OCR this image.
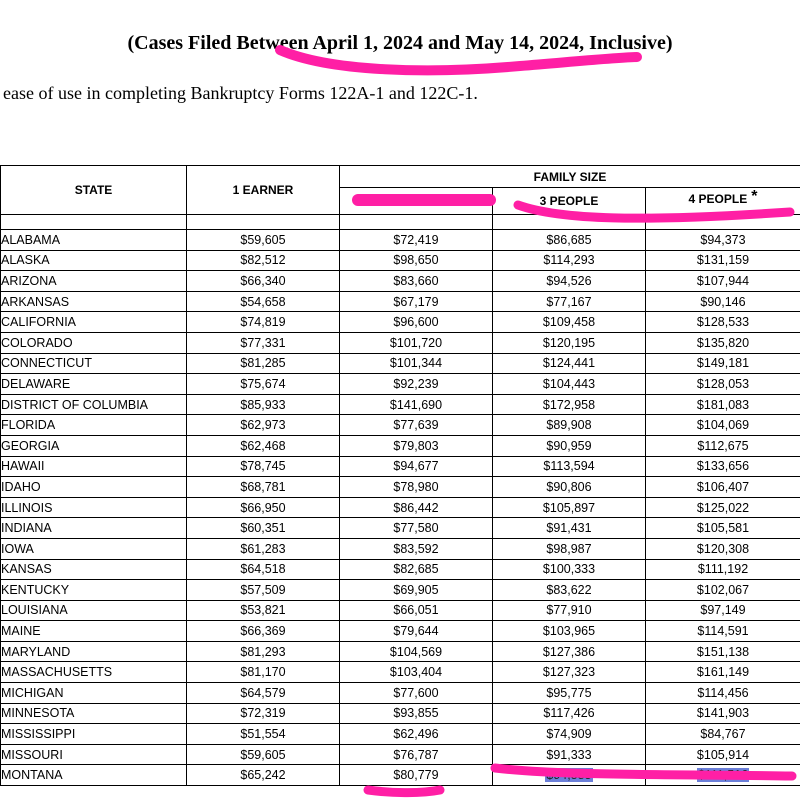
(Cases Filed Between April 1, 2024 and May 14, 2024, Inclusive)
ease of use in completing Bankruptcy Forms 122A-1 and 122C-1.
STATE	1 EARNER	FAMILY SIZE		
		2 PEOPLE	3 PEOPLE	4 PEOPLE *

ALABAMA	$59,605	$72,419	$86,685	$94,373
ALASKA	$82,512	$98,650	$114,293	$131,159
ARIZONA	$66,340	$83,660	$94,526	$107,944
ARKANSAS	$54,658	$67,179	$77,167	$90,146
CALIFORNIA	$74,819	$96,600	$109,458	$128,533
COLORADO	$77,331	$101,720	$120,195	$135,820
CONNECTICUT	$81,285	$101,344	$124,441	$149,181
DELAWARE	$75,674	$92,239	$104,443	$128,053
DISTRICT OF COLUMBIA	$85,933	$141,690	$172,958	$181,083
FLORIDA	$62,973	$77,639	$89,908	$104,069
GEORGIA	$62,468	$79,803	$90,959	$112,675
HAWAII	$78,745	$94,677	$113,594	$133,656
IDAHO	$68,781	$78,980	$90,806	$106,407
ILLINOIS	$66,950	$86,442	$105,897	$125,022
INDIANA	$60,351	$77,580	$91,431	$105,581
IOWA	$61,283	$83,592	$98,987	$120,308
KANSAS	$64,518	$82,685	$100,333	$111,192
KENTUCKY	$57,509	$69,905	$83,622	$102,067
LOUISIANA	$53,821	$66,051	$77,910	$97,149
MAINE	$66,369	$79,644	$103,965	$114,591
MARYLAND	$81,293	$104,569	$127,386	$151,138
MASSACHUSETTS	$81,170	$103,404	$127,323	$161,149
MICHIGAN	$64,579	$77,600	$95,775	$114,456
MINNESOTA	$72,319	$93,855	$117,426	$141,903
MISSISSIPPI	$51,554	$62,496	$74,909	$84,767
MISSOURI	$59,605	$76,787	$91,333	$105,914
MONTANA	$65,242	$80,779	$94,585	$111,516
